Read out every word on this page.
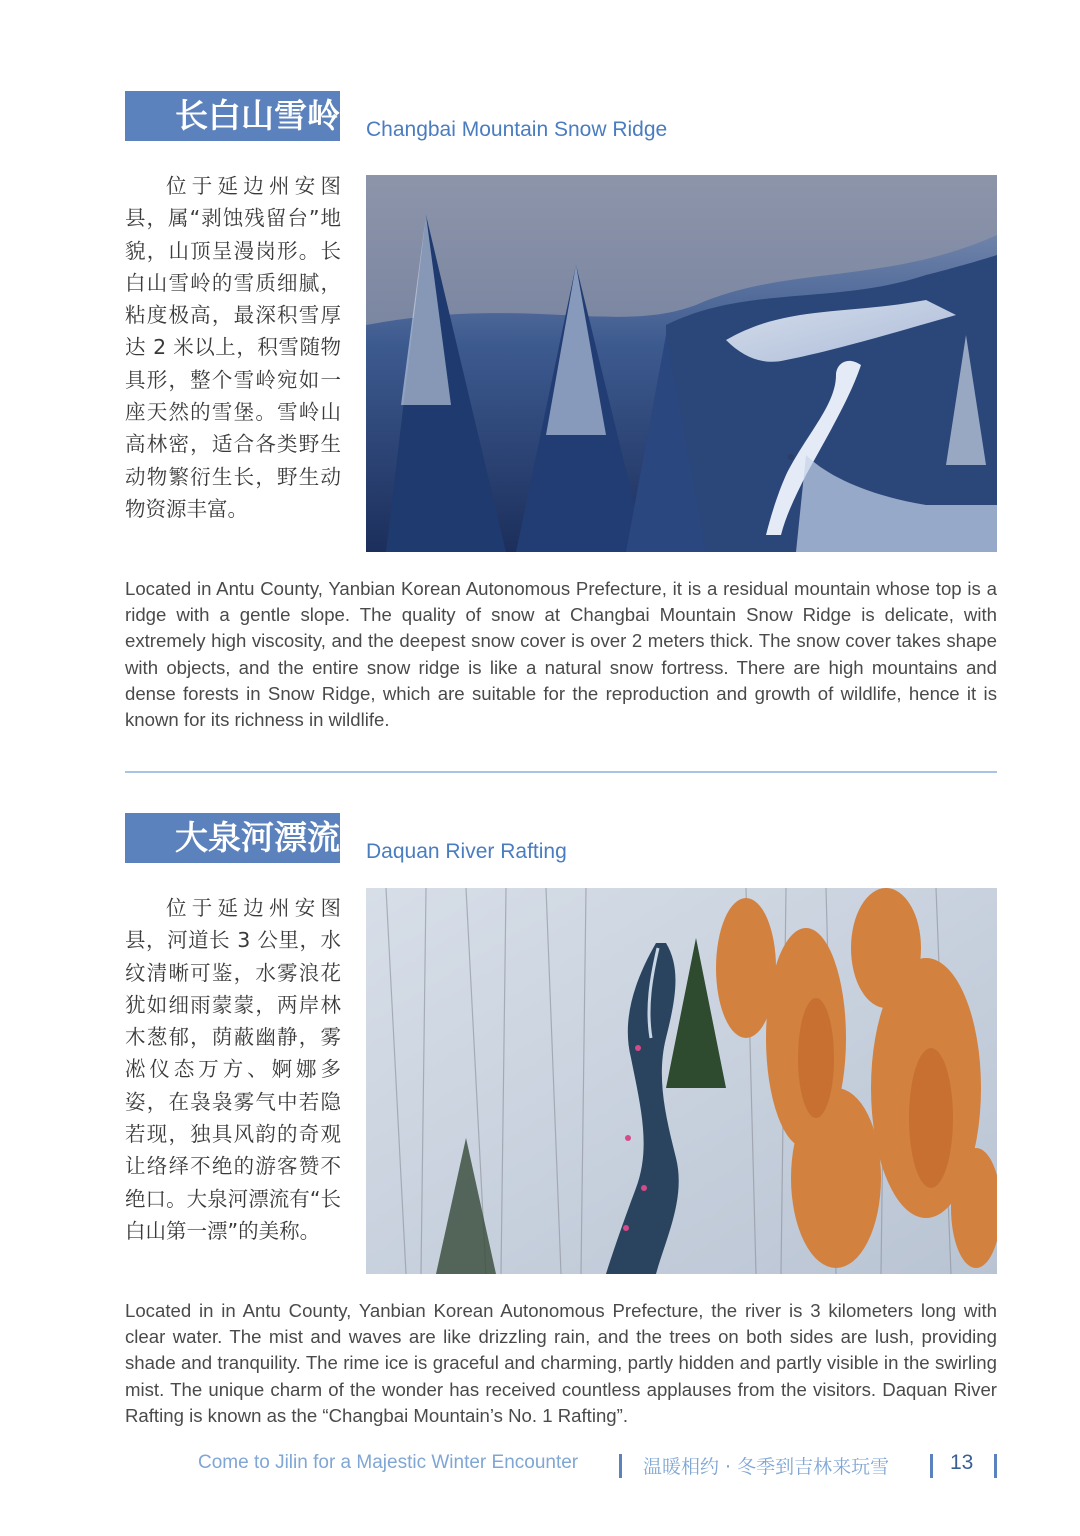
长白山雪岭 Changbai Mountain Snow Ridge

位于延边州安图县，属“剥蚀残留台”地貌，山顶呈漫岗形。长白山雪岭的雪质细腻，粘度极高，最深积雪厚达 2 米以上，积雪随物具形，整个雪岭宛如一座天然的雪堡。雪岭山高林密，适合各类野生动物繁衍生长，野生动物资源丰富。

Located in Antu County, Yanbian Korean Autonomous Prefecture, it is a residual mountain whose top is a ridge with a gentle slope. The quality of snow at Changbai Mountain Snow Ridge is delicate, with extremely high viscosity, and the deepest snow cover is over 2 meters thick. The snow cover takes shape with objects, and the entire snow ridge is like a natural snow fortress. There are high mountains and dense forests in Snow Ridge, which are suitable for the reproduction and growth of wildlife, hence it is known for its richness in wildlife.

大泉河漂流 Daquan River Rafting

位于延边州安图县，河道长 3 公里，水纹清晰可鉴，水雾浪花犹如细雨蒙蒙，两岸林木葱郁，荫蔽幽静，雾凇仪态万方、婀娜多姿，在袅袅雾气中若隐若现，独具风韵的奇观让络绎不绝的游客赞不绝口。大泉河漂流有“长白山第一漂”的美称。

Located in in Antu County, Yanbian Korean Autonomous Prefecture, the river is 3 kilometers long with clear water. The mist and waves are like drizzling rain, and the trees on both sides are lush, providing shade and tranquility. The rime ice is graceful and charming, partly hidden and partly visible in the swirling mist. The unique charm of the wonder has received countless applauses from the visitors. Daquan River Rafting is known as the “Changbai Mountain’s No. 1 Rafting”.

Come to Jilin for a Majestic Winter Encounter	温暖相约 · 冬季到吉林来玩雪	13
